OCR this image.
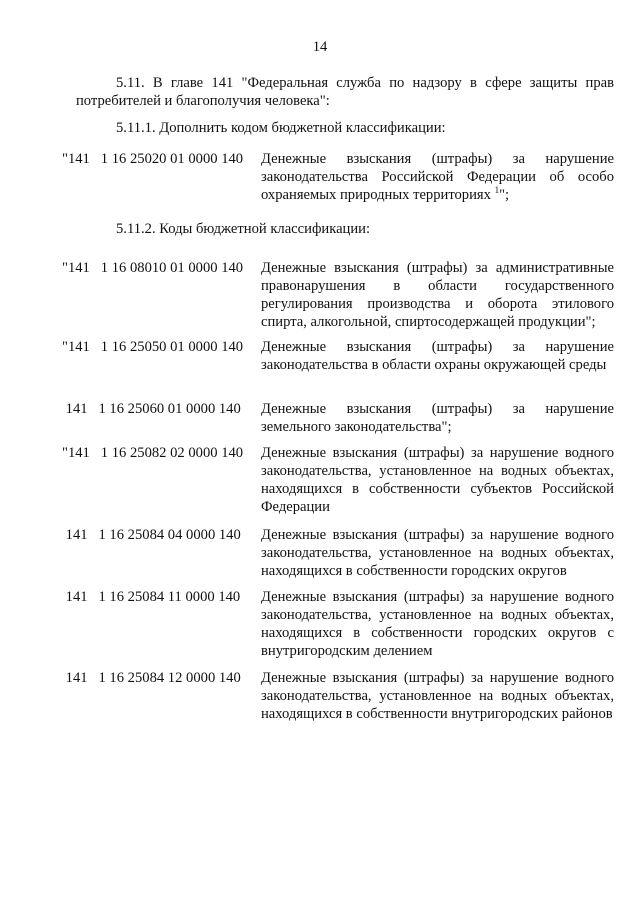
14
5.11. В главе 141 "Федеральная служба по надзору в сфере защиты прав потребителей и благополучия человека":
5.11.1. Дополнить кодом бюджетной классификации:
"141   1 16 25020 01 0000 140 Денежные взыскания (штрафы) за нарушение законодательства Российской Федерации об особо охраняемых природных территориях $^1$";
5.11.2. Коды бюджетной классификации:
"141   1 16 08010 01 0000 140 Денежные взыскания (штрафы) за административные правонарушения в области государственного регулирования производства и оборота этилового спирта, алкогольной, спиртосодержащей продукции";
"141   1 16 25050 01 0000 140 Денежные взыскания (штрафы) за нарушение законодательства в области охраны окружающей среды
141   1 16 25060 01 0000 140 Денежные взыскания (штрафы) за нарушение земельного законодательства";
"141   1 16 25082 02 0000 140 Денежные взыскания (штрафы) за нарушение водного законодательства, установленное на водных объектах, находящихся в собственности субъектов Российской Федерации
141   1 16 25084 04 0000 140 Денежные взыскания (штрафы) за нарушение водного законодательства, установленное на водных объектах, находящихся в собственности городских округов
141   1 16 25084 11 0000 140 Денежные взыскания (штрафы) за нарушение водного законодательства, установленное на водных объектах, находящихся в собственности городских округов с внутригородским делением
141   1 16 25084 12 0000 140 Денежные взыскания (штрафы) за нарушение водного законодательства, установленное на водных объектах, находящихся в собственности внутригородских районов
